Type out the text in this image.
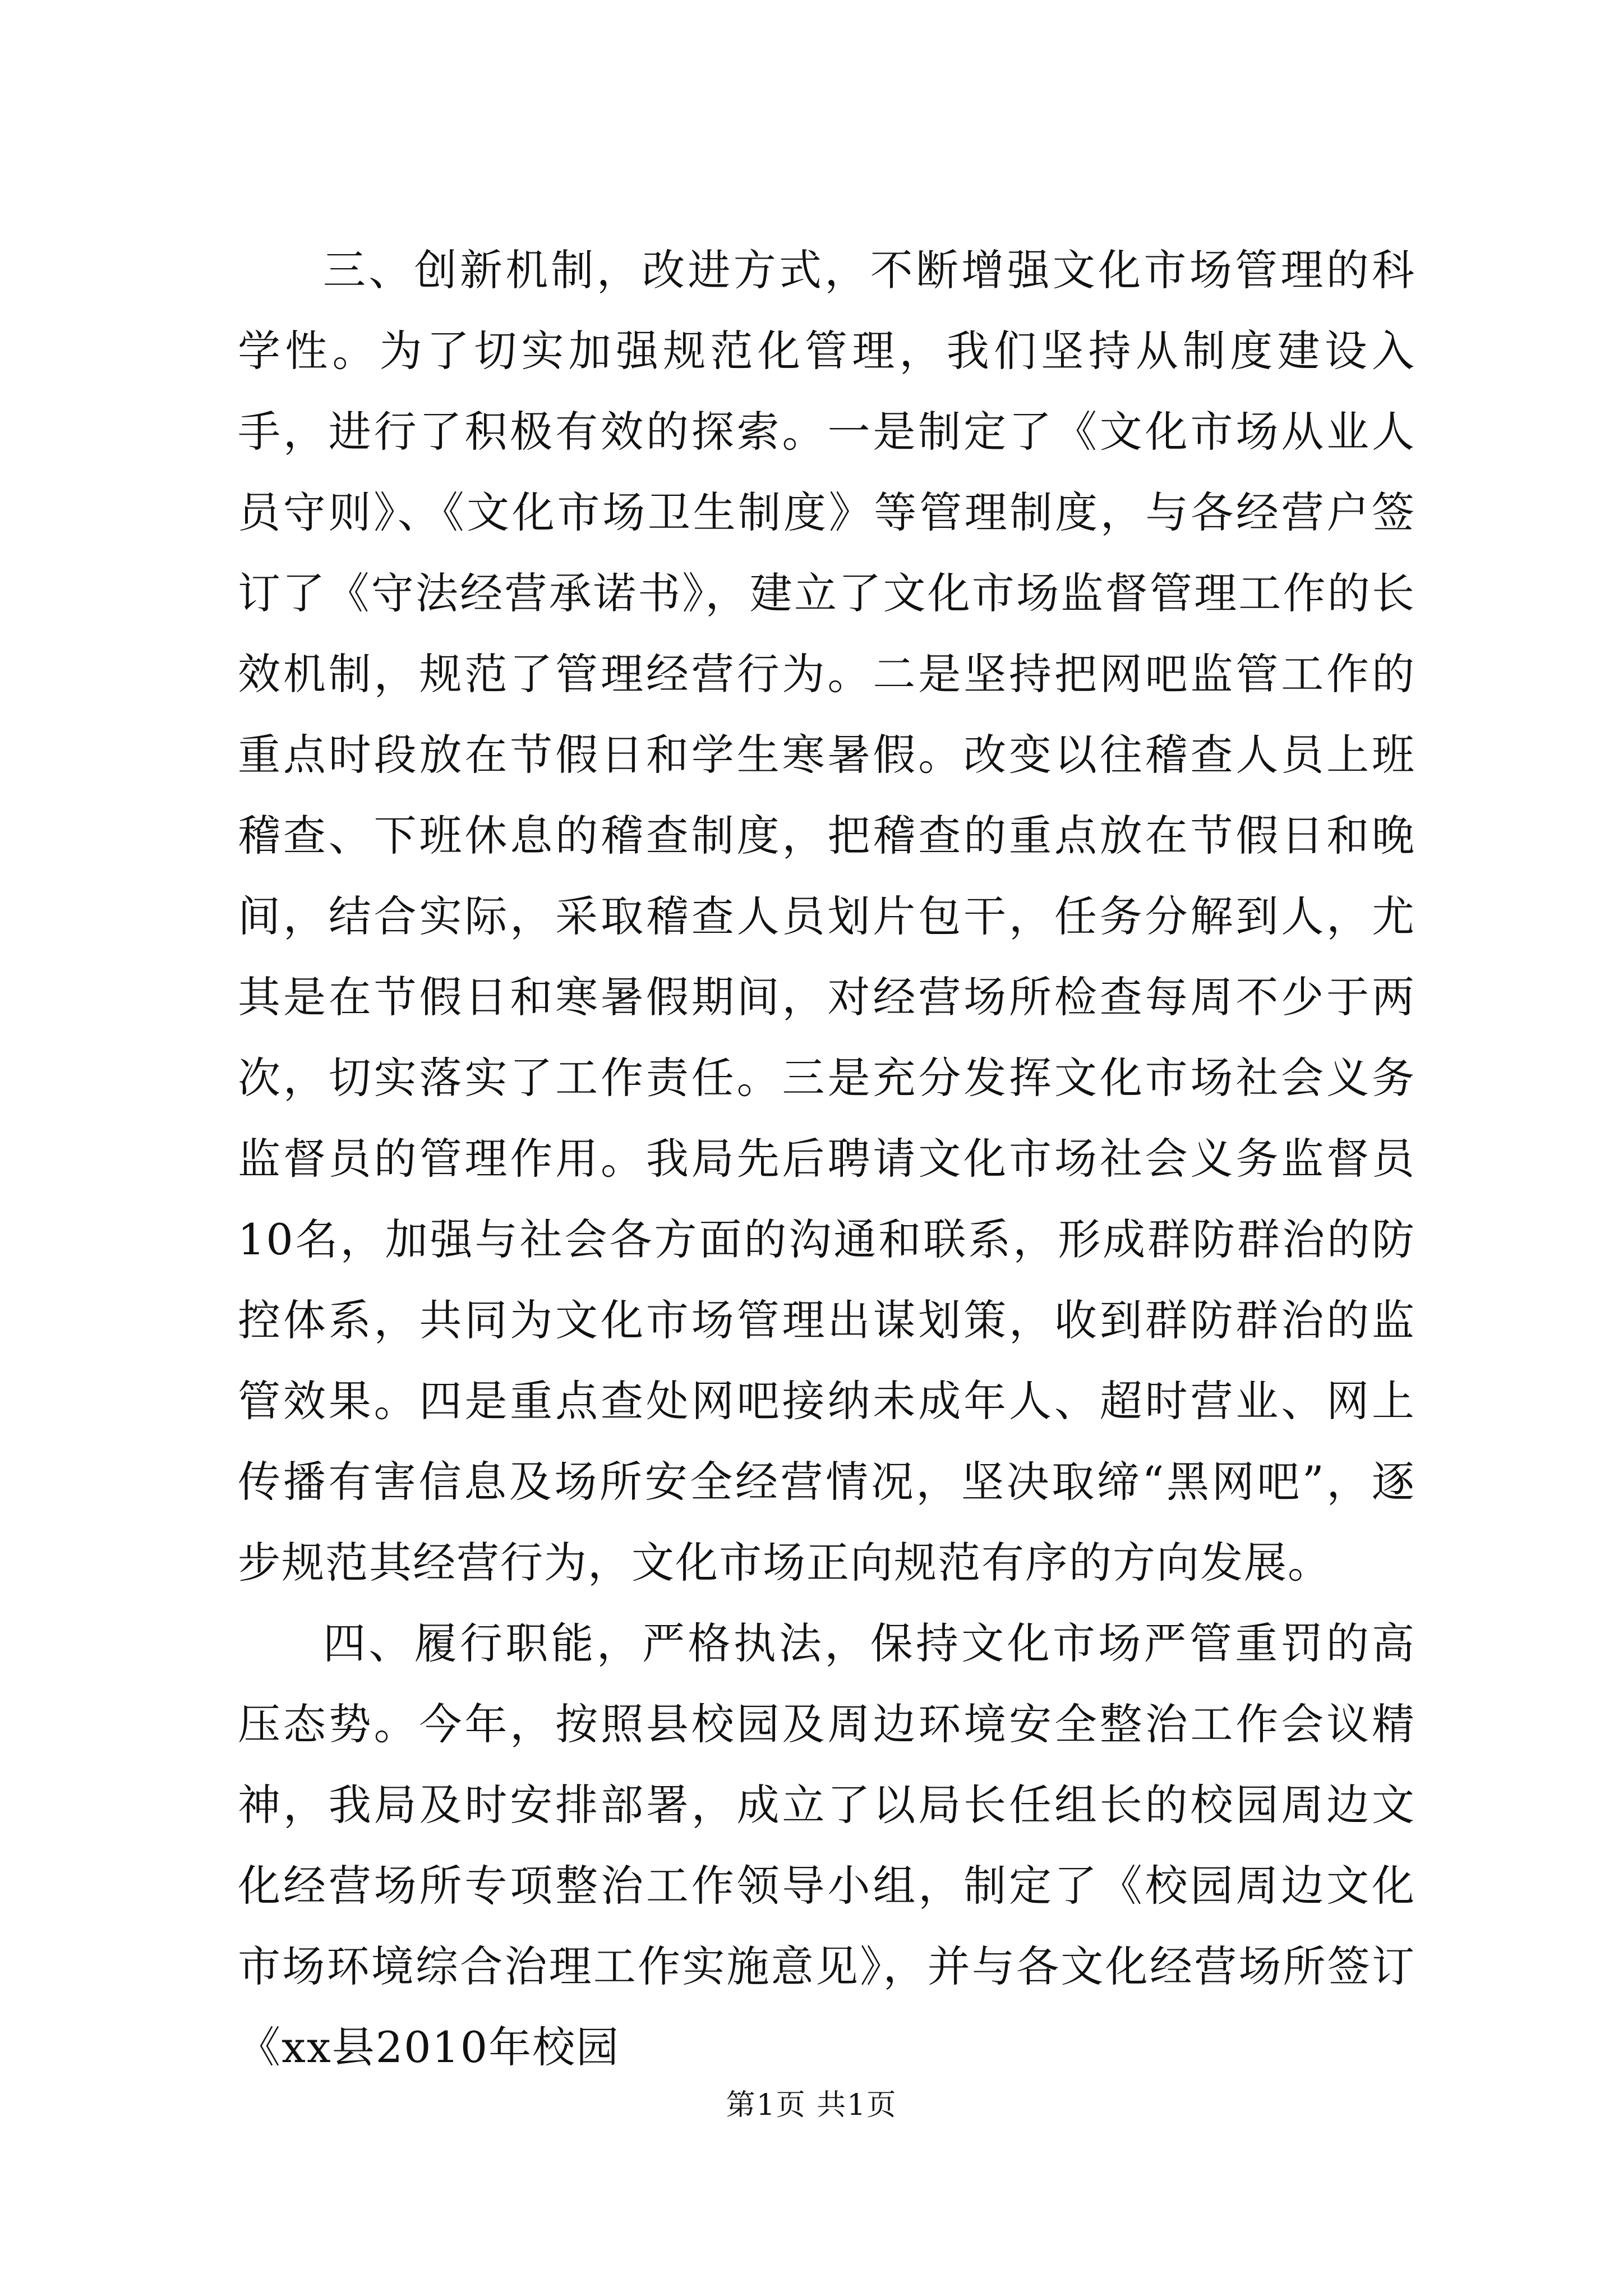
三、创新机制，改进方式，不断增强文化市场管理的科学性。为了切实加强规范化管理，我们坚持从制度建设入手，进行了积极有效的探索。一是制定了《文化市场从业人员守则》、《文化市场卫生制度》等管理制度，与各经营户签订了《守法经营承诺书》，建立了文化市场监督管理工作的长效机制，规范了管理经营行为。二是坚持把网吧监管工作的重点时段放在节假日和学生寒暑假。改变以往稽查人员上班稽查、下班休息的稽查制度，把稽查的重点放在节假日和晚间，结合实际，采取稽查人员划片包干，任务分解到人，尤其是在节假日和寒暑假期间，对经营场所检查每周不少于两次，切实落实了工作责任。三是充分发挥文化市场社会义务监督员的管理作用。我局先后聘请文化市场社会义务监督员10名，加强与社会各方面的沟通和联系，形成群防群治的防控体系，共同为文化市场管理出谋划策，收到群防群治的监管效果。四是重点查处网吧接纳未成年人、超时营业、网上传播有害信息及场所安全经营情况，坚决取缔“黑网吧”，逐步规范其经营行为，文化市场正向规范有序的方向发展。

四、履行职能，严格执法，保持文化市场严管重罚的高压态势。今年，按照县校园及周边环境安全整治工作会议精神，我局及时安排部署，成立了以局长任组长的校园周边文化经营场所专项整治工作领导小组，制定了《校园周边文化市场环境综合治理工作实施意见》，并与各文化经营场所签订《xx县2010年校园

第1页 共1页
